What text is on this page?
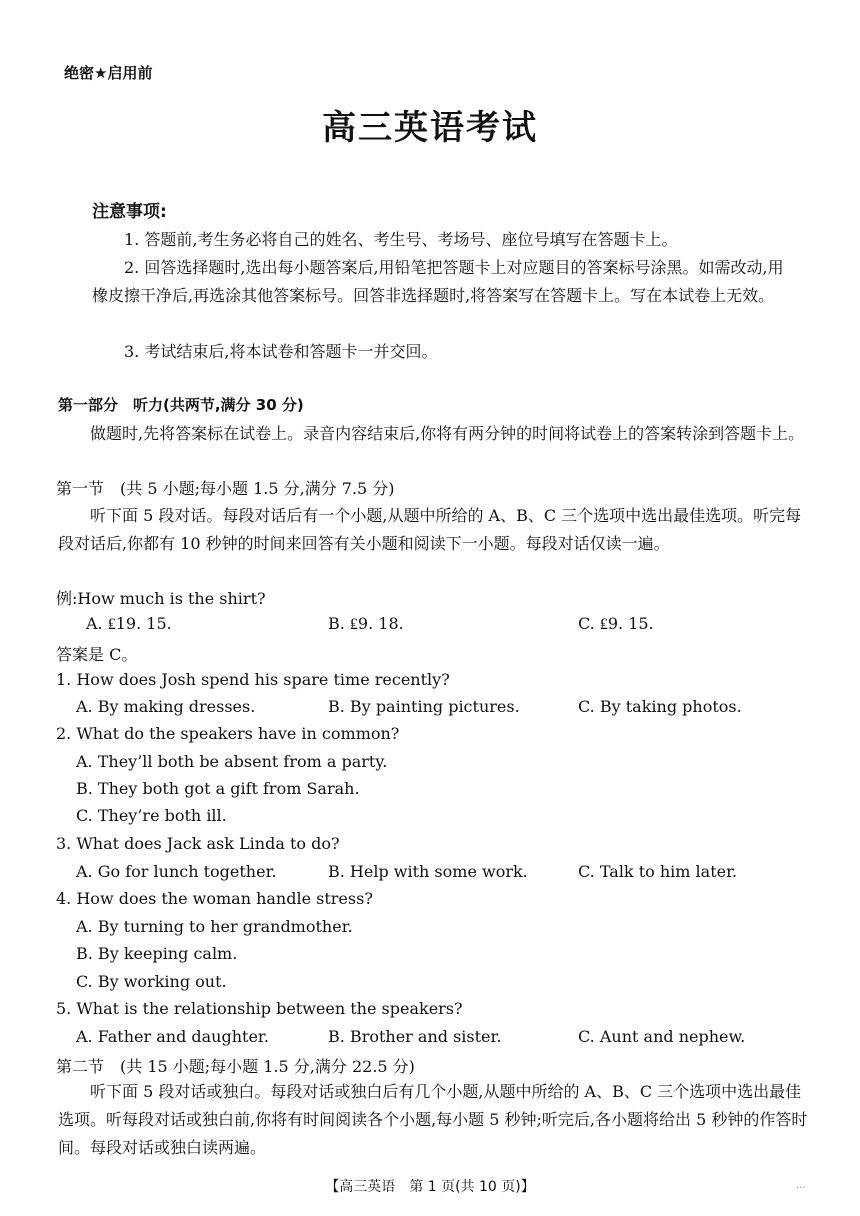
绝密★启用前
高三英语考试
注意事项:
1. 答题前,考生务必将自己的姓名、考生号、考场号、座位号填写在答题卡上。
2. 回答选择题时,选出每小题答案后,用铅笔把答题卡上对应题目的答案标号涂黑。如需改动,用橡皮擦干净后,再选涂其他答案标号。回答非选择题时,将答案写在答题卡上。写在本试卷上无效。
3. 考试结束后,将本试卷和答题卡一并交回。
第一部分　听力(共两节,满分 30 分)
做题时,先将答案标在试卷上。录音内容结束后,你将有两分钟的时间将试卷上的答案转涂到答题卡上。
第一节　(共 5 小题;每小题 1.5 分,满分 7.5 分)
听下面 5 段对话。每段对话后有一个小题,从题中所给的 A、B、C 三个选项中选出最佳选项。听完每段对话后,你都有 10 秒钟的时间来回答有关小题和阅读下一小题。每段对话仅读一遍。
例:How much is the shirt?
A. ₤19. 15.	B. ₤9. 18.	C. ₤9. 15.
答案是 C。
1. How does Josh spend his spare time recently?
A. By making dresses.	B. By painting pictures.	C. By taking photos.
2. What do the speakers have in common?
A. They’ll both be absent from a party.
B. They both got a gift from Sarah.
C. They’re both ill.
3. What does Jack ask Linda to do?
A. Go for lunch together.	B. Help with some work.	C. Talk to him later.
4. How does the woman handle stress?
A. By turning to her grandmother.
B. By keeping calm.
C. By working out.
5. What is the relationship between the speakers?
A. Father and daughter.	B. Brother and sister.	C. Aunt and nephew.
第二节　(共 15 小题;每小题 1.5 分,满分 22.5 分)
听下面 5 段对话或独白。每段对话或独白后有几个小题,从题中所给的 A、B、C 三个选项中选出最佳选项。听每段对话或独白前,你将有时间阅读各个小题,每小题 5 秒钟;听完后,各小题将给出 5 秒钟的作答时间。每段对话或独白读两遍。
【高三英语　第 1 页(共 10 页)】	...
